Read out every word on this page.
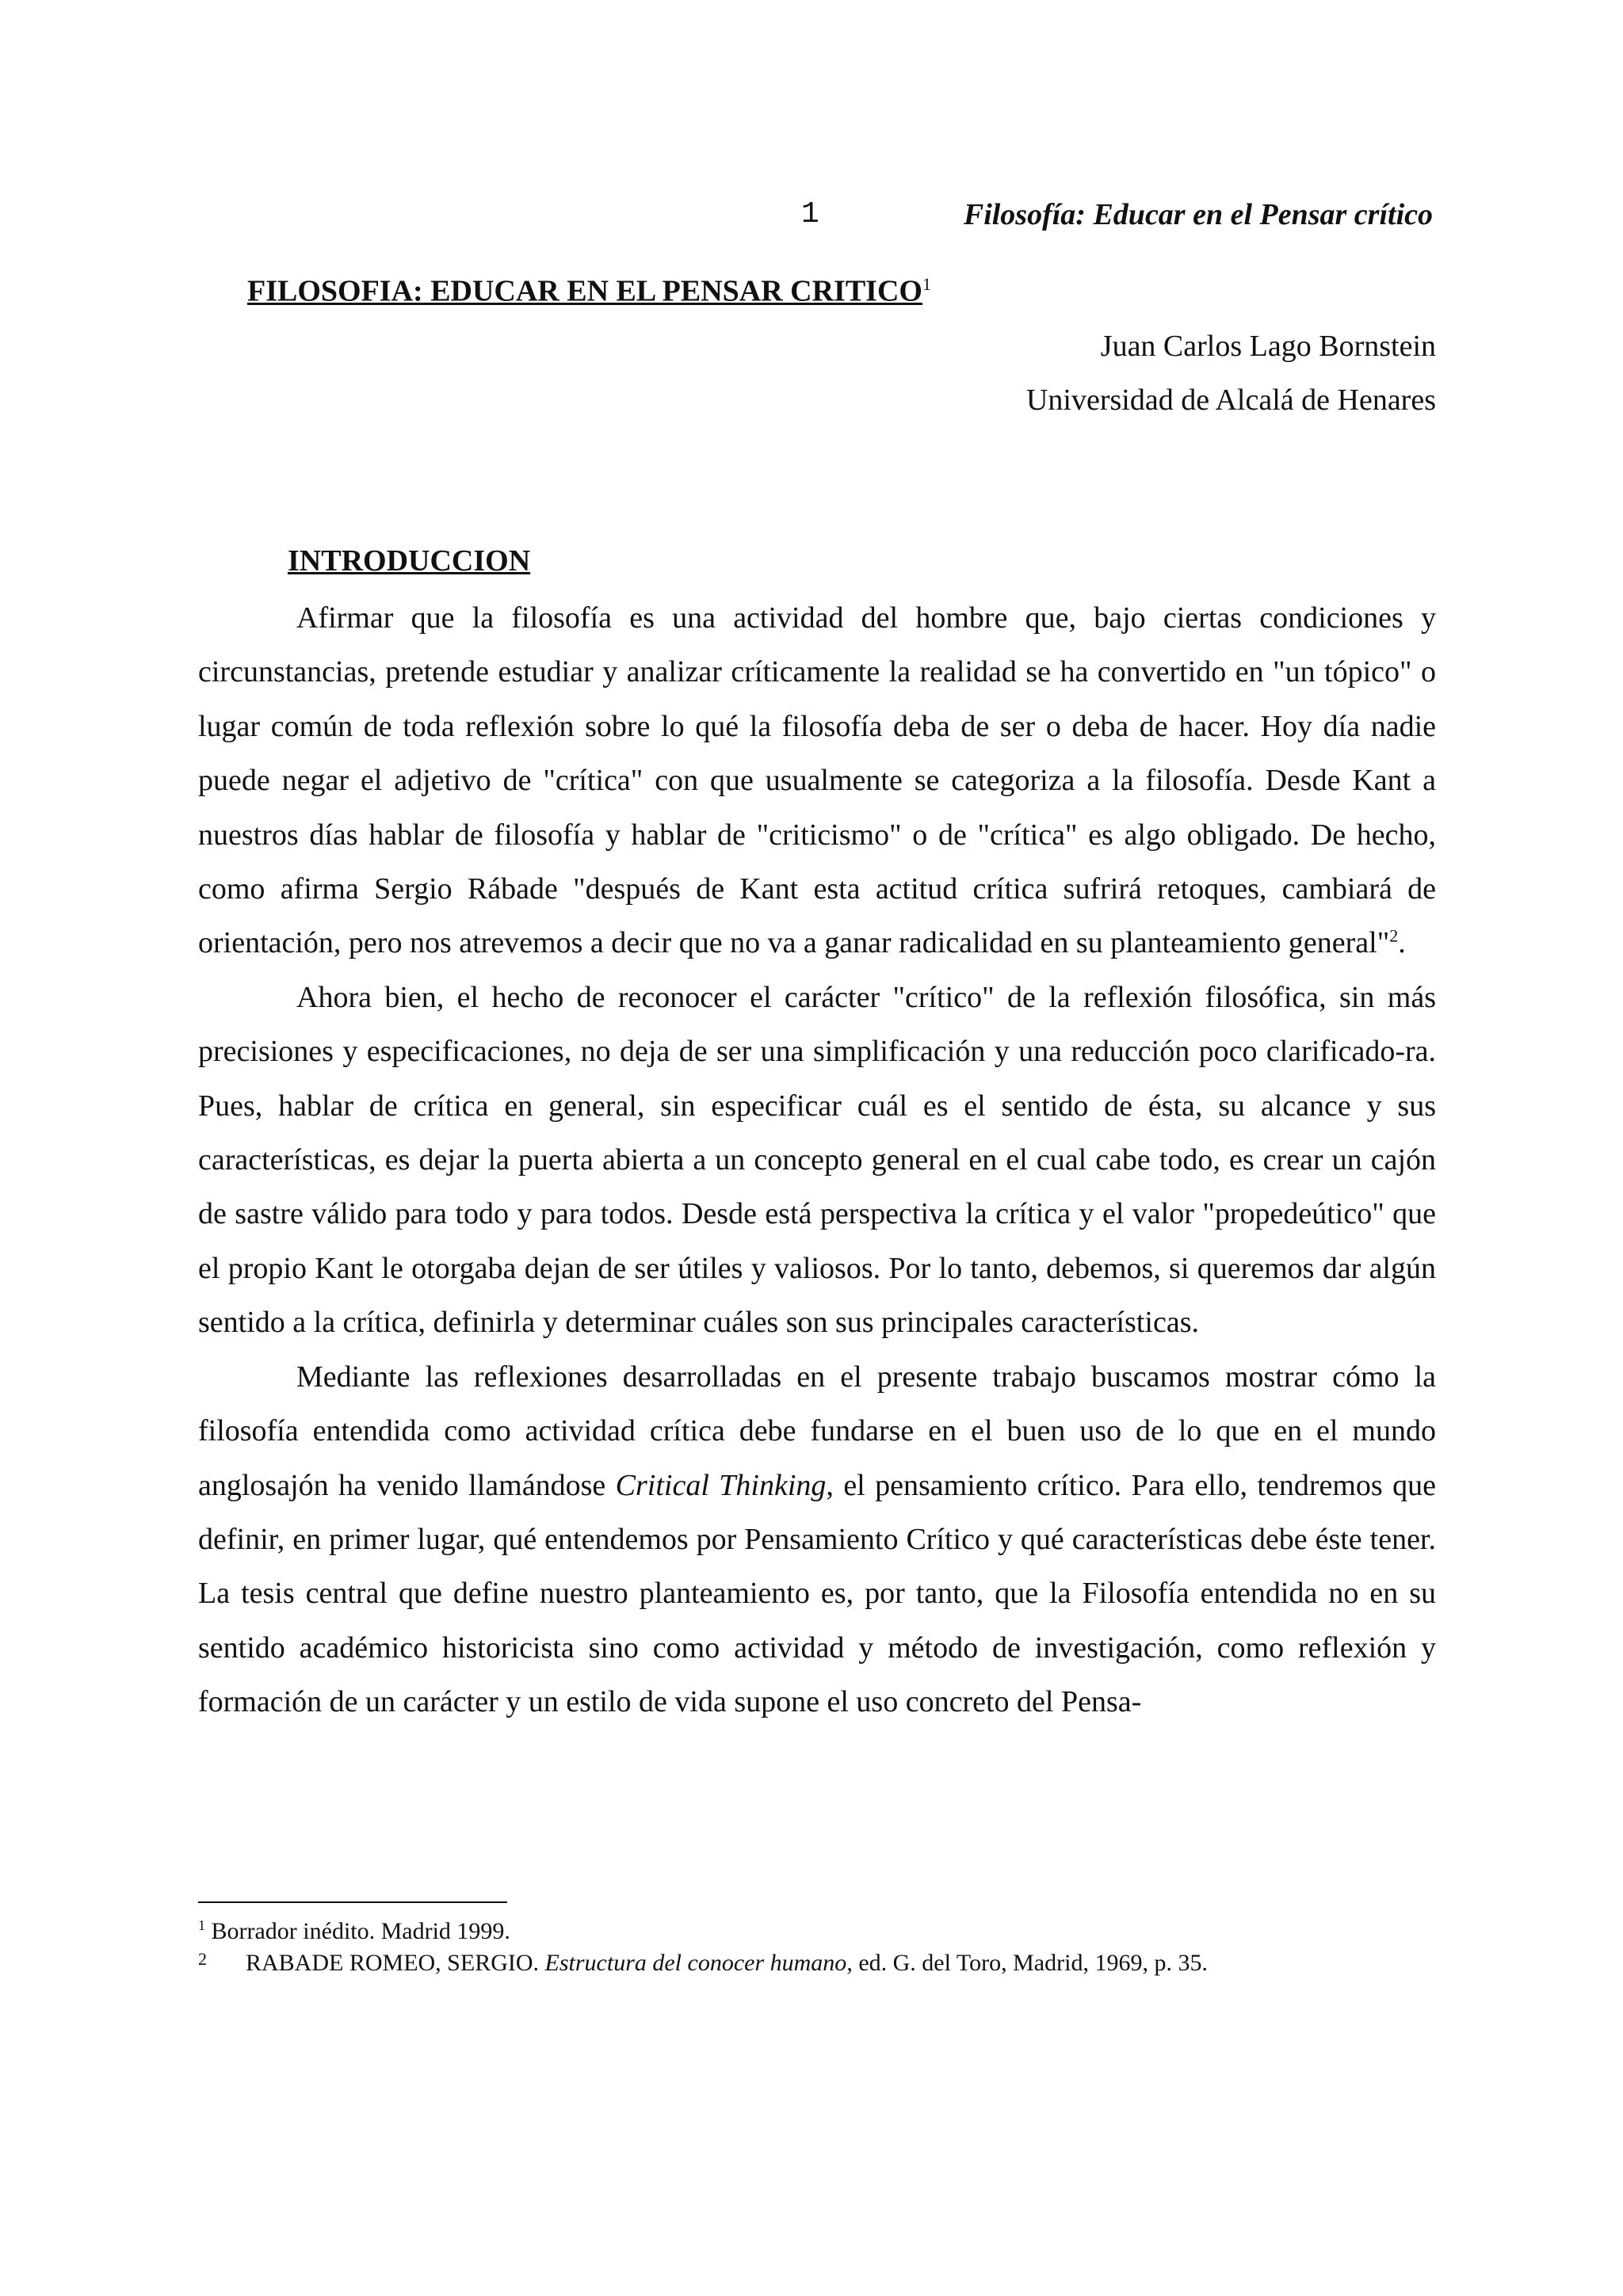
1	Filosofía: Educar en el Pensar crítico
FILOSOFIA: EDUCAR EN EL PENSAR CRITICO$^1$
Juan Carlos Lago Bornstein
Universidad de Alcalá de Henares
INTRODUCCION

Afirmar que la filosofía es una actividad del hombre que, bajo ciertas condiciones y circunstancias, pretende estudiar y analizar críticamente la realidad se ha convertido en "un tópico" o lugar común de toda reflexión sobre lo qué la filosofía deba de ser o deba de hacer. Hoy día nadie puede negar el adjetivo de "crítica" con que usualmente se categoriza a la filosofía. Desde Kant a nuestros días hablar de filosofía y hablar de "criticismo" o de "crítica" es algo obligado. De hecho, como afirma Sergio Rábade "después de Kant esta actitud crítica sufrirá retoques, cambiará de orientación, pero nos atrevemos a decir que no va a ganar radicalidad en su planteamiento general"$^2$.

Ahora bien, el hecho de reconocer el carácter "crítico" de la reflexión filosófica, sin más precisiones y especificaciones, no deja de ser una simplificación y una reducción poco clarificado-ra. Pues, hablar de crítica en general, sin especificar cuál es el sentido de ésta, su alcance y sus características, es dejar la puerta abierta a un concepto general en el cual cabe todo, es crear un cajón de sastre válido para todo y para todos. Desde está perspectiva la crítica y el valor "propedeútico" que el propio Kant le otorgaba dejan de ser útiles y valiosos. Por lo tanto, debemos, si queremos dar algún sentido a la crítica, definirla y determinar cuáles son sus principales características.

Mediante las reflexiones desarrolladas en el presente trabajo buscamos mostrar cómo la filosofía entendida como actividad crítica debe fundarse en el buen uso de lo que en el mundo anglosajón ha venido llamándose Critical Thinking, el pensamiento crítico. Para ello, tendremos que definir, en primer lugar, qué entendemos por Pensamiento Crítico y qué características debe éste tener. La tesis central que define nuestro planteamiento es, por tanto, que la Filosofía entendida no en su sentido académico historicista sino como actividad y método de investigación, como reflexión y formación de un carácter y un estilo de vida supone el uso concreto del Pensa-

$^1$ Borrador inédito. Madrid 1999.

2 RABADE ROMEO, SERGIO. Estructura del conocer humano, ed. G. del Toro, Madrid, 1969, p. 35.
